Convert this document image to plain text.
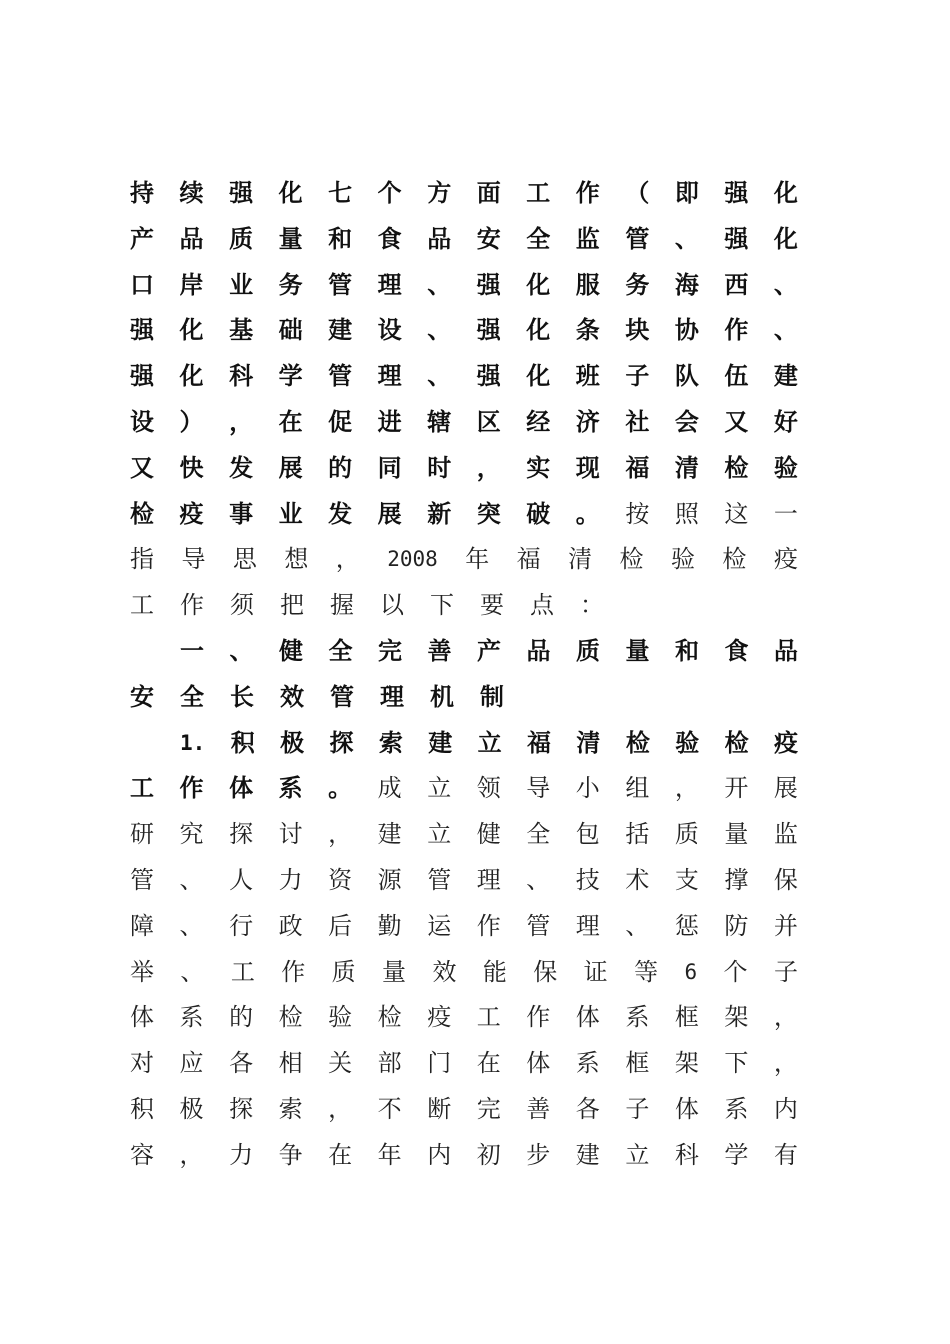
持 续 强 化 七 个 方 面 工 作 （ 即 强 化
产 品 质 量 和 食 品 安 全 监 管 、 强 化
口 岸 业 务 管 理 、 强 化 服 务 海 西 、
强 化 基 础 建 设 、 强 化 条 块 协 作 、
强 化 科 学 管 理 、 强 化 班 子 队 伍 建
设 ） ， 在 促 进 辖 区 经 济 社 会 又 好
又 快 发 展 的 同 时 ， 实 现 福 清 检 验
检 疫 事 业 发 展 新 突 破 。 按 照 这 一
指 导 思 想 ， 2008 年 福 清 检 验 检 疫
工 作 须 把 握 以 下 要 点 ：
一 、 健 全 完 善 产 品 质 量 和 食 品
安 全 长 效 管 理 机 制
1. 积 极 探 索 建 立 福 清 检 验 检 疫
工 作 体 系 。 成 立 领 导 小 组 ， 开 展
研 究 探 讨 ， 建 立 健 全 包 括 质 量 监
管 、 人 力 资 源 管 理 、 技 术 支 撑 保
障 、 行 政 后 勤 运 作 管 理 、 惩 防 并
举 、 工 作 质 量 效 能 保 证 等 6 个 子
体 系 的 检 验 检 疫 工 作 体 系 框 架 ，
对 应 各 相 关 部 门 在 体 系 框 架 下 ，
积 极 探 索 ， 不 断 完 善 各 子 体 系 内
容 ， 力 争 在 年 内 初 步 建 立 科 学 有
